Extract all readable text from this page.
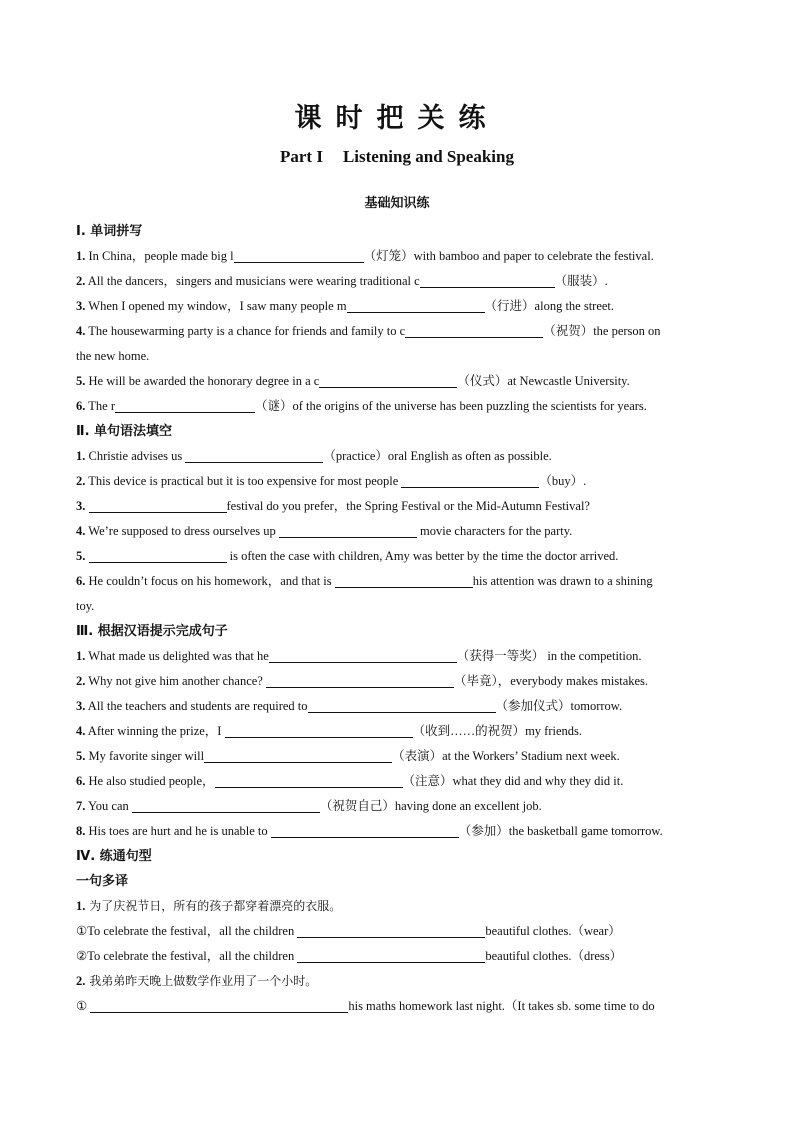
课时把关练
Part I Listening and Speaking
基础知识练
Ⅰ. 单词拼写
1. In China，people made big l	（灯笼）with bamboo and paper to celebrate the festival.
2. All the dancers，singers and musicians were wearing traditional c	（服装）.
3. When I opened my window，I saw many people m	（行进）along the street.
4. The housewarming party is a chance for friends and family to c	（祝贺）the person on
the new home.
5. He will be awarded the honorary degree in a c	（仪式）at Newcastle University.
6. The r	（谜）of the origins of the universe has been puzzling the scientists for years.
Ⅱ. 单句语法填空
1. Christie advises us	（practice）oral English as often as possible.
2. This device is practical but it is too expensive for most people	（buy）.
3.	festival do you prefer，the Spring Festival or the Mid-Autumn Festival?
4. We’re supposed to dress ourselves up	movie characters for the party.
5.	is often the case with children, Amy was better by the time the doctor arrived.
6. He couldn’t focus on his homework，and that is	his attention was drawn to a shining
toy.
Ⅲ. 根据汉语提示完成句子
1. What made us delighted was that he	（获得一等奖） in the competition.
2. Why not give him another chance?	（毕竟），everybody makes mistakes.
3. All the teachers and students are required to	（参加仪式）tomorrow.
4. After winning the prize，I	（收到……的祝贺）my friends.
5. My favorite singer will	（表演）at the Workers’ Stadium next week.
6. He also studied people，	（注意）what they did and why they did it.
7. You can	（祝贺自己）having done an excellent job.
8. His toes are hurt and he is unable to	（参加）the basketball game tomorrow.
Ⅳ. 练通句型
一句多译
1. 为了庆祝节日，所有的孩子都穿着漂亮的衣服。
①To celebrate the festival，all the children	beautiful clothes.（wear）
②To celebrate the festival，all the children	beautiful clothes.（dress）
2. 我弟弟昨天晚上做数学作业用了一个小时。
①	his maths homework last night.（It takes sb. some time to do
